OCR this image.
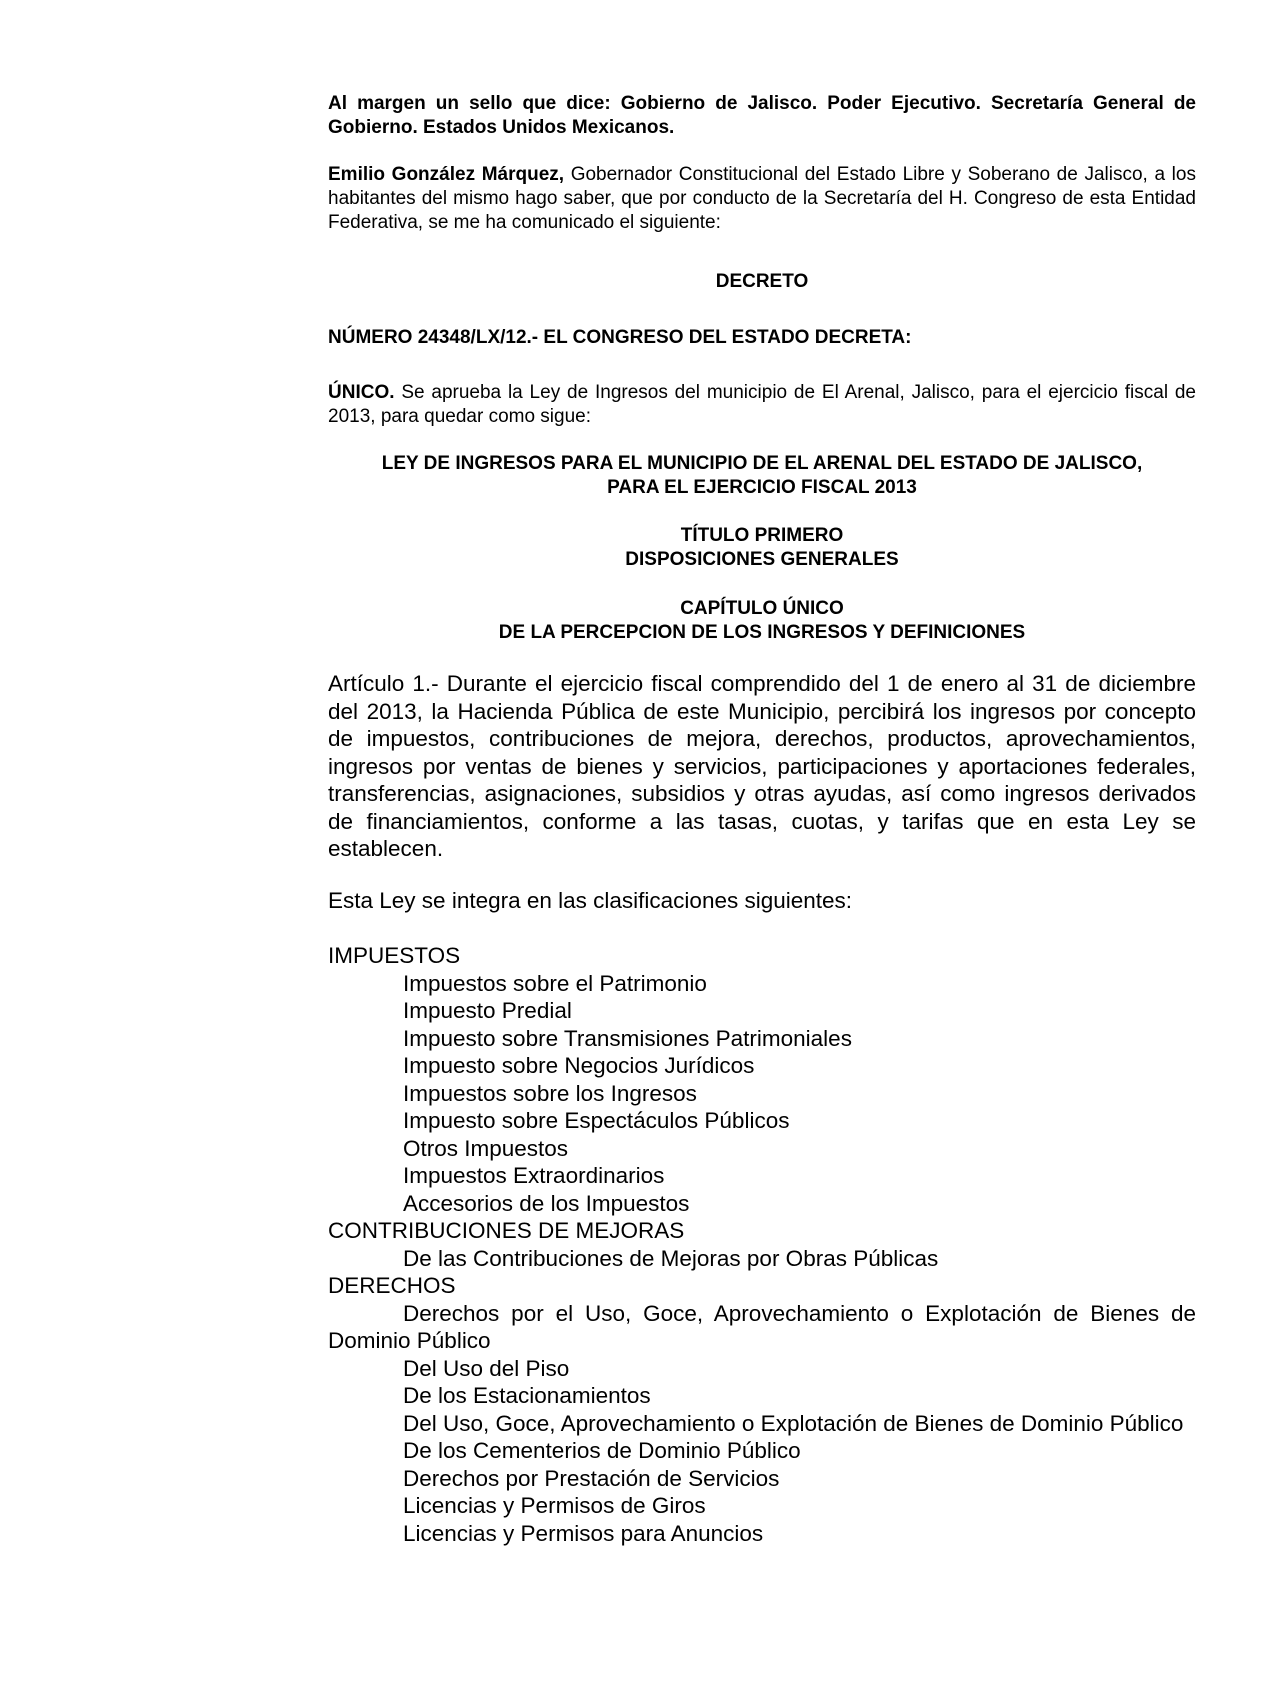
Al margen un sello que dice: Gobierno de Jalisco. Poder Ejecutivo. Secretaría General de Gobierno. Estados Unidos Mexicanos.

Emilio González Márquez, Gobernador Constitucional del Estado Libre y Soberano de Jalisco, a los habitantes del mismo hago saber, que por conducto de la Secretaría del H. Congreso de esta Entidad Federativa, se me ha comunicado el siguiente:

DECRETO

NÚMERO 24348/LX/12.- EL CONGRESO DEL ESTADO DECRETA:

ÚNICO. Se aprueba la Ley de Ingresos del municipio de El Arenal, Jalisco, para el ejercicio fiscal de 2013, para quedar como sigue:

LEY DE INGRESOS PARA EL MUNICIPIO DE EL ARENAL DEL ESTADO DE JALISCO,

PARA EL EJERCICIO FISCAL 2013

TÍTULO PRIMERO

DISPOSICIONES GENERALES

CAPÍTULO ÚNICO

DE LA PERCEPCION DE LOS INGRESOS Y DEFINICIONES

Artículo 1.- Durante el ejercicio fiscal comprendido del 1 de enero al 31 de diciembre del 2013, la Hacienda Pública de este Municipio, percibirá los ingresos por concepto de impuestos, contribuciones de mejora, derechos, productos, aprovechamientos, ingresos por ventas de bienes y servicios, participaciones y aportaciones federales, transferencias, asignaciones, subsidios y otras ayudas, así como ingresos derivados de financiamientos, conforme a las tasas, cuotas, y tarifas que en esta Ley se establecen.

Esta Ley se integra en las clasificaciones siguientes:

IMPUESTOS

Impuestos sobre el Patrimonio

Impuesto Predial

Impuesto sobre Transmisiones Patrimoniales

Impuesto sobre Negocios Jurídicos

Impuestos sobre los Ingresos

Impuesto sobre Espectáculos Públicos

Otros Impuestos

Impuestos Extraordinarios

Accesorios de los Impuestos

CONTRIBUCIONES DE MEJORAS

De las Contribuciones de Mejoras por Obras Públicas

DERECHOS

Derechos por el Uso, Goce, Aprovechamiento o Explotación de Bienes de Dominio Público

Del Uso del Piso

De los Estacionamientos

Del Uso, Goce, Aprovechamiento o Explotación de Bienes de Dominio Público

De los Cementerios de Dominio Público

Derechos por Prestación de Servicios

Licencias y Permisos de Giros

Licencias y Permisos para Anuncios
